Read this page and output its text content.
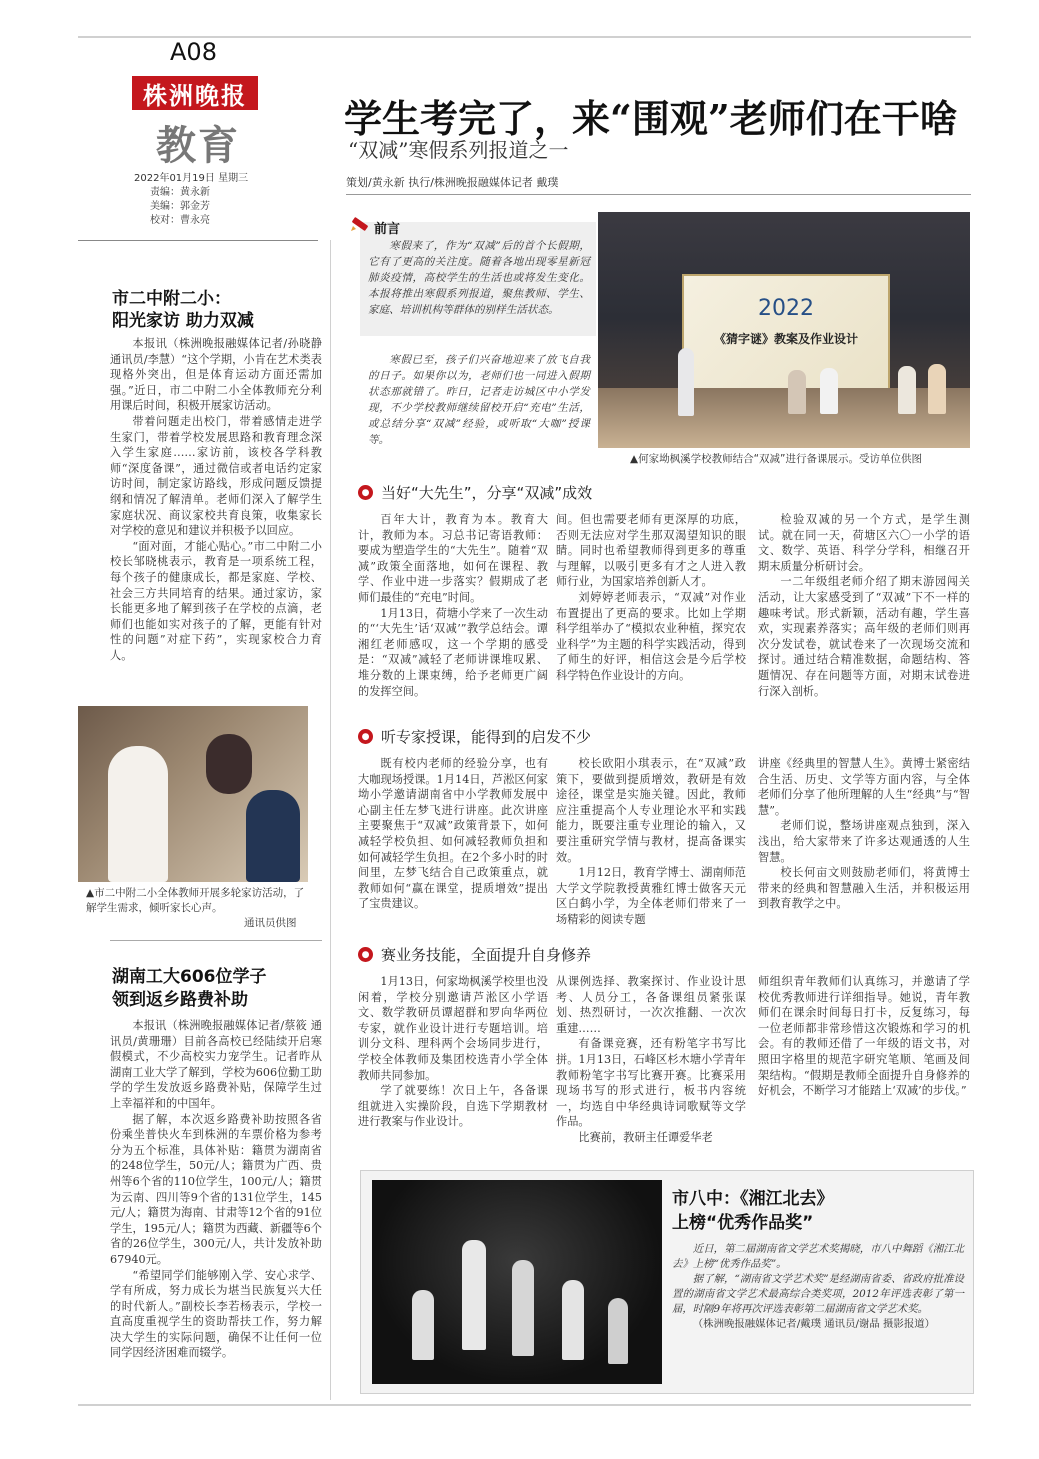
A08
株洲晚报
教育
2022年01月19日 星期三
责编：黄永新
美编：郭金芳
校对：曹永亮
学生考完了，来“围观”老师们在干啥
“双减”寒假系列报道之一
策划/黄永新 执行/株洲晚报融媒体记者 戴璞
前言

寒假来了，作为“双减”后的首个长假期，它有了更高的关注度。随着各地出现零星新冠肺炎疫情，高校学生的生活也或将发生变化。本报将推出寒假系列报道，聚焦教师、学生、家庭、培训机构等群体的别样生活状态。

寒假已至，孩子们兴奋地迎来了放飞自我的日子。如果你以为，老师们也一同进入假期状态那就错了。昨日，记者走访城区中小学发现，不少学校教师继续留校开启“充电”生活，或总结分享“双减”经验，或听取“大咖”授课等。

2022
《猜字谜》教案及作业设计
▲何家坳枫溪学校教师结合“双减”进行备课展示。受访单位供图
● 当好“大先生”，分享“双减”成效

百年大计，教育为本。教育大计，教师为本。习总书记寄语教师：要成为塑造学生的“大先生”。随着“双减”政策全面落地，如何在课程、教学、作业中进一步落实？假期成了老师们最佳的“充电”时间。

1月13日，荷塘小学来了一次生动的“‘大先生’话‘双减’”教学总结会。谭湘红老师感叹，这一个学期的感受是：“双减”减轻了老师讲课堆叹累、堆分数的上课束缚，给予老师更广阔的发挥空间。

间。但也需要老师有更深厚的功底，否则无法应对学生那双渴望知识的眼睛。同时也希望教师得到更多的尊重与理解，以吸引更多有才之人进入教师行业，为国家培养创新人才。

刘婷婷老师表示，“双减”对作业布置提出了更高的要求。比如上学期科学组举办了“模拟农业种植，探究农业科学”为主题的科学实践活动，得到了师生的好评，相信这会是今后学校科学特色作业设计的方向。

检验双减的另一个方式，是学生测试。就在同一天，荷塘区六〇一小学的语文、数学、英语、科学分学科，相继召开期末质量分析研讨会。

一二年级组老师介绍了期末游园闯关活动，让大家感受到了“双减”下不一样的趣味考试。形式新颖，活动有趣，学生喜欢，实现素养落实；高年级的老师们则再次分发试卷，就试卷来了一次现场交流和探讨。通过结合精准数据，命题结构、答题情况、存在问题等方面，对期末试卷进行深入剖析。

● 听专家授课，能得到的启发不少

既有校内老师的经验分享，也有大咖现场授课。1月14日，芦淞区何家坳小学邀请湖南省中小学教师发展中心副主任左梦飞进行讲座。此次讲座主要聚焦于“双减”政策背景下，如何减轻学校负担、如何减轻教师负担和如何减轻学生负担。在2个多小时的时间里，左梦飞结合自己政策重点，就教师如何“赢在课堂，提质增效”提出了宝贵建议。

校长欧阳小琪表示，在“双减”政策下，要做到提质增效，教研是有效途径，课堂是实施关键。因此，教师应注重提高个人专业理论水平和实践能力，既要注重专业理论的输入，又要注重研究学情与教材，提高备课实效。

1月12日，教育学博士、湖南师范大学文学院教授黄雅红博士做客天元区白鹤小学，为全体老师们带来了一场精彩的阅读专题

讲座《经典里的智慧人生》。黄博士紧密结合生活、历史、文学等方面内容，与全体老师们分享了他所理解的人生“经典”与“智慧”。

老师们说，整场讲座观点独到，深入浅出，给大家带来了许多达观通透的人生智慧。

校长何亩文则鼓励老师们，将黄博士带来的经典和智慧融入生活，并积极运用到教育教学之中。

● 赛业务技能，全面提升自身修养

1月13日，何家坳枫溪学校里也没闲着，学校分别邀请芦淞区小学语文、数学教研员谭超群和罗向华两位专家，就作业设计进行专题培训。培训分文科、理科两个会场同步进行，学校全体教师及集团校选青小学全体教师共同参加。

学了就要练！次日上午，各备课组就进入实操阶段，自选下学期教材进行教案与作业设计。

从课例选择、教案探讨、作业设计思考、人员分工，各备课组员紧张谋划、热烈研讨，一次次推翻、一次次重建……

有备课竞赛，还有粉笔字书写比拼。1月13日，石峰区杉木塘小学青年教师粉笔字书写比赛开赛。比赛采用现场书写的形式进行，板书内容统一，均选自中华经典诗词歌赋等文学作品。

比赛前，教研主任谭爱华老

师组织青年教师们认真练习，并邀请了学校优秀教师进行详细指导。她说，青年教师们在课余时间每日打卡，反复练习，每一位老师都非常珍惜这次锻炼和学习的机会。有的教师还借了一年级的语文书，对照田字格里的规范字研究笔顺、笔画及间架结构。“假期是教师全面提升自身修养的好机会，不断学习才能踏上‘双减’的步伐。”

市八中：《湘江北去》
上榜“优秀作品奖”

近日，第二届湖南省文学艺术奖揭晓，市八中舞蹈《湘江北去》上榜“优秀作品奖”。

据了解，“湖南省文学艺术奖”是经湖南省委、省政府批准设置的湖南省文学艺术最高综合类奖项，2012年评选表彰了第一届，时隔9年将再次评选表彰第二届湖南省文学艺术奖。

（株洲晚报融媒体记者/戴璞 通讯员/谢晶 摄影报道）

市二中附二小：
阳光家访 助力双减

本报讯（株洲晚报融媒体记者/孙晓静 通讯员/李慧）“这个学期，小肯在艺术类表现格外突出，但是体育运动方面还需加强。”近日，市二中附二小全体教师充分利用课后时间，积极开展家访活动。

带着问题走出校门，带着感情走进学生家门，带着学校发展思路和教育理念深入学生家庭……家访前，该校各学科教师“深度备课”，通过微信或者电话约定家访时间，制定家访路线，形成问题反馈提纲和情况了解清单。老师们深入了解学生家庭状况、商议家校共育良策，收集家长对学校的意见和建议并积极予以回应。

“面对面，才能心贴心。”市二中附二小校长邹晓桃表示，教育是一项系统工程，每个孩子的健康成长，都是家庭、学校、社会三方共同培育的结果。通过家访，家长能更多地了解到孩子在学校的点滴，老师们也能如实对孩子的了解，更能有针对性的问题”对症下药”，实现家校合力育人。

▲市二中附二小全体教师开展多轮家访活动，了解学生需求，倾听家长心声。
通讯员供图
湖南工大606位学子
领到返乡路费补助

本报讯（株洲晚报融媒体记者/蔡筱 通讯员/黄珊珊）目前各高校已经陆续开启寒假模式，不少高校实力宠学生。记者昨从湖南工业大学了解到，学校为606位勤工助学的学生发放返乡路费补贴，保障学生过上幸福祥和的中国年。

据了解，本次返乡路费补助按照各省份乘坐普快火车到株洲的车票价格为参考分为五个标准，具体补贴：籍贯为湖南省的248位学生，50元/人；籍贯为广西、贵州等6个省的110位学生，100元/人；籍贯为云南、四川等9个省的131位学生，145元/人；籍贯为海南、甘肃等12个省的91位学生，195元/人；籍贯为西藏、新疆等6个省的26位学生，300元/人，共计发放补助67940元。

“希望同学们能够刚入学、安心求学、学有所成，努力成长为堪当民族复兴大任的时代新人。”副校长李若杨表示，学校一直高度重视学生的资助帮扶工作，努力解决大学生的实际问题，确保不让任何一位同学因经济困难而辍学。
